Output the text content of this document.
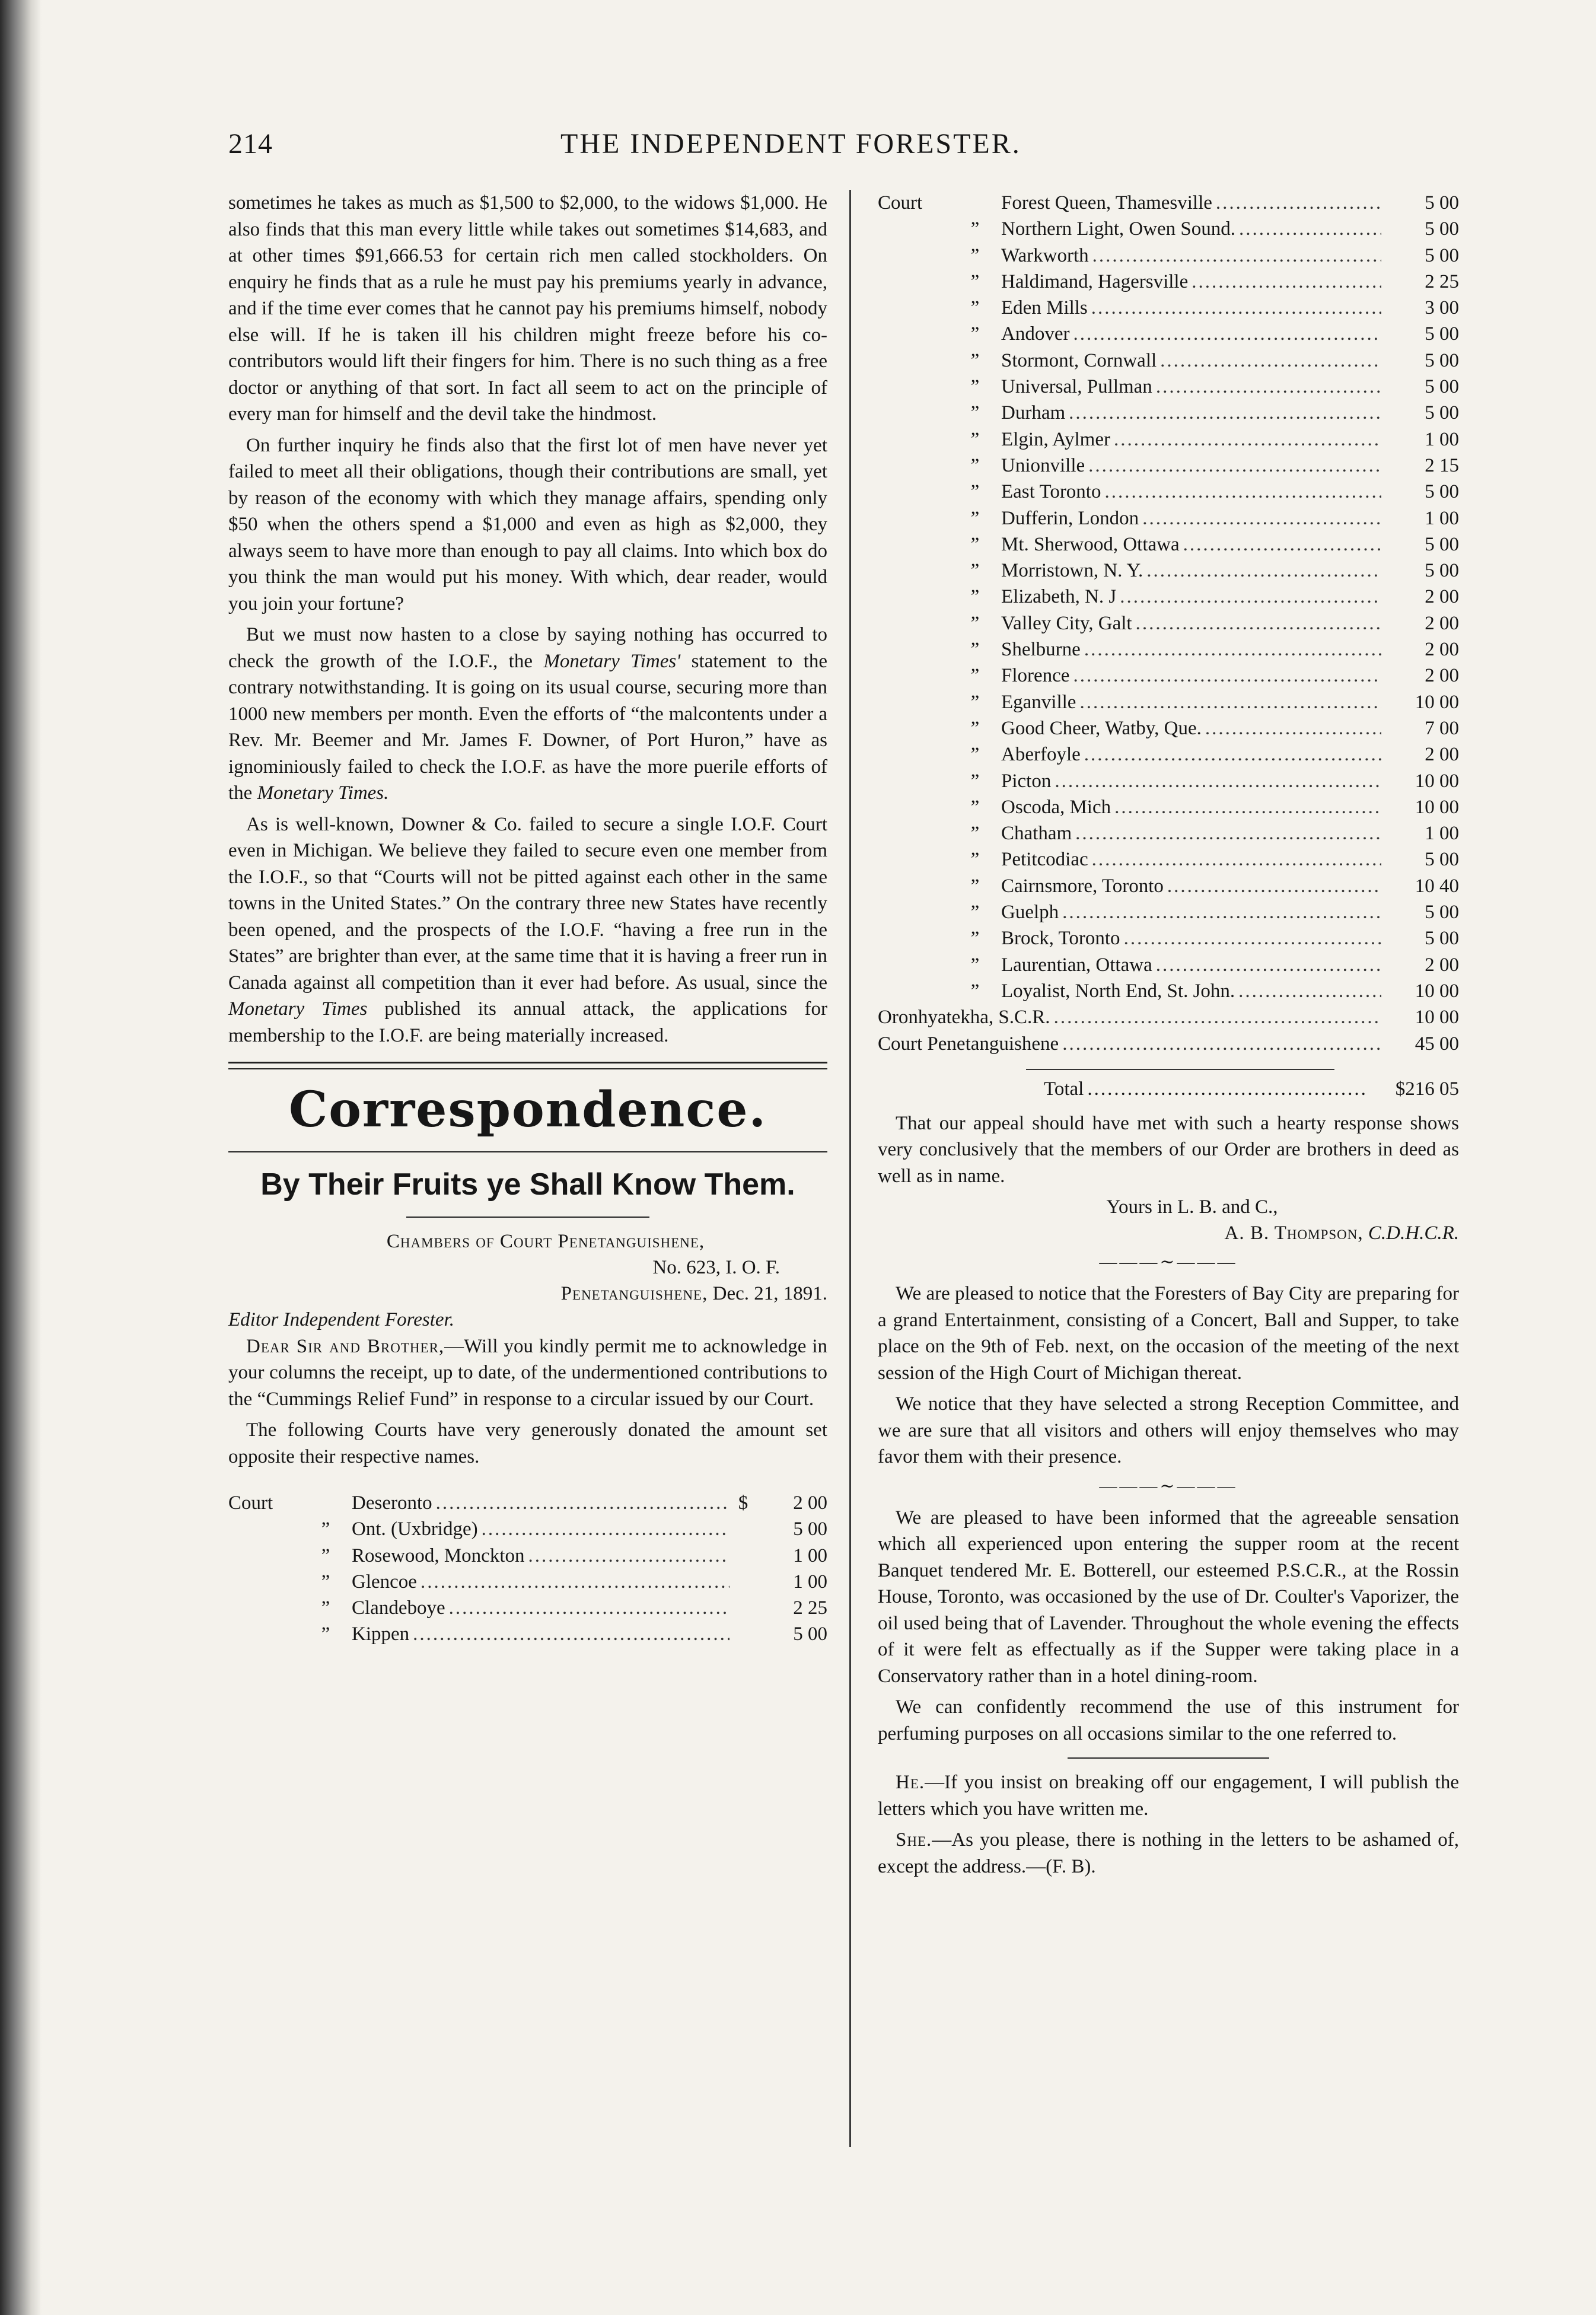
214	THE INDEPENDENT FORESTER.

sometimes he takes as much as $1,500 to $2,000, to the widows $1,000. He also finds that this man every little while takes out sometimes $14,683, and at other times $91,666.53 for certain rich men called stockholders. On enquiry he finds that as a rule he must pay his premiums yearly in advance, and if the time ever comes that he cannot pay his premiums himself, nobody else will. If he is taken ill his children might freeze before his co-contributors would lift their fingers for him. There is no such thing as a free doctor or anything of that sort. In fact all seem to act on the principle of every man for himself and the devil take the hindmost.

On further inquiry he finds also that the first lot of men have never yet failed to meet all their obligations, though their contributions are small, yet by reason of the economy with which they manage affairs, spending only $50 when the others spend a $1,000 and even as high as $2,000, they always seem to have more than enough to pay all claims. Into which box do you think the man would put his money. With which, dear reader, would you join your fortune?

But we must now hasten to a close by saying nothing has occurred to check the growth of the I.O.F., the Monetary Times' statement to the contrary notwithstanding. It is going on its usual course, securing more than 1000 new members per month. Even the efforts of “the malcontents under a Rev. Mr. Beemer and Mr. James F. Downer, of Port Huron,” have as ignominiously failed to check the I.O.F. as have the more puerile efforts of the Monetary Times.

As is well-known, Downer & Co. failed to secure a single I.O.F. Court even in Michigan. We believe they failed to secure even one member from the I.O.F., so that “Courts will not be pitted against each other in the same towns in the United States.” On the contrary three new States have recently been opened, and the prospects of the I.O.F. “having a free run in the States” are brighter than ever, at the same time that it is having a freer run in Canada against all competition than it ever had before. As usual, since the Monetary Times published its annual attack, the applications for membership to the I.O.F. are being materially increased.

Correspondence.
By Their Fruits ye Shall Know Them.

Chambers of Court Penetanguishene,

No. 623, I. O. F.

Penetanguishene, Dec. 21, 1891.

Editor Independent Forester.

Dear Sir and Brother,—Will you kindly permit me to acknowledge in your columns the receipt, up to date, of the undermentioned contributions to the “Cummings Relief Fund” in response to a circular issued by our Court.

The following Courts have very generously donated the amount set opposite their respective names.

Court	Deseronto .....	$	2 00
”	Ont. (Uxbridge) .....	5 00
”	Rosewood, Monckton .....	1 00
”	Glencoe .....	1 00
”	Clandeboye .....	2 25
”	Kippen .....	5 00
Court	Forest Queen, Thamesville .....	5 00
”	Northern Light, Owen Sound. .....	5 00
”	Warkworth .....	5 00
”	Haldimand, Hagersville .....	2 25
”	Eden Mills .....	3 00
”	Andover .....	5 00
”	Stormont, Cornwall .....	5 00
”	Universal, Pullman .....	5 00
”	Durham .....	5 00
”	Elgin, Aylmer .....	1 00
”	Unionville .....	2 15
”	East Toronto .....	5 00
”	Dufferin, London .....	1 00
”	Mt. Sherwood, Ottawa .....	5 00
”	Morristown, N. Y. .....	5 00
”	Elizabeth, N. J .....	2 00
”	Valley City, Galt .....	2 00
”	Shelburne .....	2 00
”	Florence .....	2 00
”	Eganville .....	10 00
”	Good Cheer, Watby, Que. .....	7 00
”	Aberfoyle .....	2 00
”	Picton .....	10 00
”	Oscoda, Mich .....	10 00
”	Chatham .....	1 00
”	Petitcodiac .....	5 00
”	Cairnsmore, Toronto .....	10 40
”	Guelph .....	5 00
”	Brock, Toronto .....	5 00
”	Laurentian, Ottawa .....	2 00
”	Loyalist, North End, St. John. .....	10 00
Oronhyatekha, S.C.R. .....	10 00
Court Penetanguishene .....	45 00
Total .....	$216 05

That our appeal should have met with such a hearty response shows very conclusively that the members of our Order are brothers in deed as well as in name.

Yours in L. B. and C.,

A. B. Thompson, C.D.H.C.R.

———∼———

We are pleased to notice that the Foresters of Bay City are preparing for a grand Entertainment, consisting of a Concert, Ball and Supper, to take place on the 9th of Feb. next, on the occasion of the meeting of the next session of the High Court of Michigan thereat.

We notice that they have selected a strong Reception Committee, and we are sure that all visitors and others will enjoy themselves who may favor them with their presence.

———∼———

We are pleased to have been informed that the agreeable sensation which all experienced upon entering the supper room at the recent Banquet tendered Mr. E. Botterell, our esteemed P.S.C.R., at the Rossin House, Toronto, was occasioned by the use of Dr. Coulter's Vaporizer, the oil used being that of Lavender. Throughout the whole evening the effects of it were felt as effectually as if the Supper were taking place in a Conservatory rather than in a hotel dining-room.

We can confidently recommend the use of this instrument for perfuming purposes on all occasions similar to the one referred to.

He.—If you insist on breaking off our engagement, I will publish the letters which you have written me.

She.—As you please, there is nothing in the letters to be ashamed of, except the address.—(F. B).
